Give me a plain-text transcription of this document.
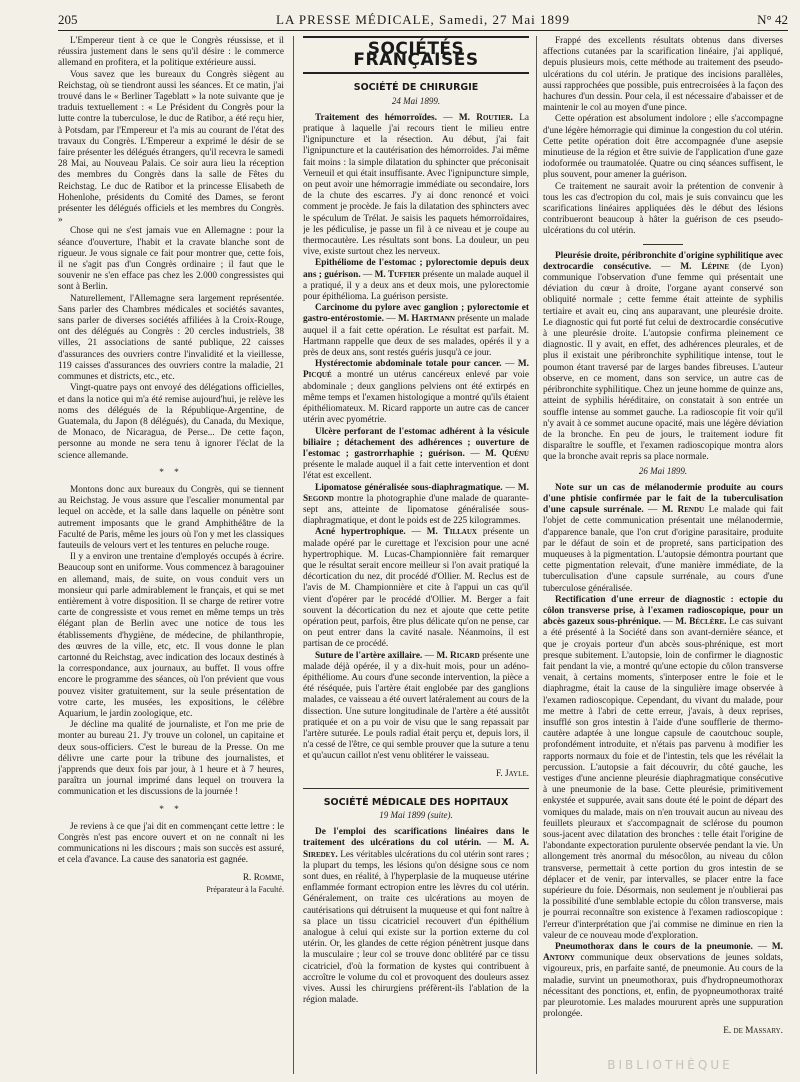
205	LA PRESSE MÉDICALE, Samedi, 27 Mai 1899	N° 42

L'Empereur tient à ce que le Congrès réussisse, et il réussira justement dans le sens qu'il désire : le commerce allemand en profitera, et la politique extérieure aussi.

Vous savez que les bureaux du Congrès siègent au Reichstag, où se tiendront aussi les séances. Et ce matin, j'ai trouvé dans le « Berliner Tageblatt » la note suivante que je traduis textuellement : « Le Président du Congrès pour la lutte contre la tuberculose, le duc de Ratibor, a été reçu hier, à Potsdam, par l'Empereur et l'a mis au courant de l'état des travaux du Congrès. L'Empereur a exprimé le désir de se faire présenter les délégués étrangers, qu'il recevra le samedi 28 Mai, au Nouveau Palais. Ce soir aura lieu la réception des membres du Congrès dans la salle de Fêtes du Reichstag. Le duc de Ratibor et la princesse Elisabeth de Hohenlohe, présidents du Comité des Dames, se feront présenter les délégués officiels et les membres du Congrès. »

Chose qui ne s'est jamais vue en Allemagne : pour la séance d'ouverture, l'habit et la cravate blanche sont de rigueur. Je vous signale ce fait pour montrer que, cette fois, il ne s'agit pas d'un Congrès ordinaire ; il faut que le souvenir ne s'en efface pas chez les 2.000 congressistes qui sont à Berlin.

Naturellement, l'Allemagne sera largement représentée. Sans parler des Chambres médicales et sociétés savantes, sans parler de diverses sociétés affiliées à la Croix-Rouge, ont des délégués au Congrès : 20 cercles industriels, 38 villes, 21 associations de santé publique, 22 caisses d'assurances des ouvriers contre l'invalidité et la vieillesse, 119 caisses d'assurances des ouvriers contre la maladie, 21 communes et districts, etc., etc.

Vingt-quatre pays ont envoyé des délégations officielles, et dans la notice qui m'a été remise aujourd'hui, je relève les noms des délégués de la République-Argentine, de Guatemala, du Japon (8 délégués), du Canada, du Mexique, de Monaco, de Nicaragua, de Perse... De cette façon, personne au monde ne sera tenu à ignorer l'éclat de la science allemande.

* *

Montons donc aux bureaux du Congrès, qui se tiennent au Reichstag. Je vous assure que l'escalier monumental par lequel on accède, et la salle dans laquelle on pénètre sont autrement imposants que le grand Amphithéâtre de la Faculté de Paris, même les jours où l'on y met les classiques fauteuils de velours vert et les tentures en peluche rouge.

Il y a environ une trentaine d'employés occupés à écrire. Beaucoup sont en uniforme. Vous commencez à baragouiner en allemand, mais, de suite, on vous conduit vers un monsieur qui parle admirablement le français, et qui se met entièrement à votre disposition. Il se charge de retirer votre carte de congressiste et vous remet en même temps un très élégant plan de Berlin avec une notice de tous les établissements d'hygiène, de médecine, de philanthropie, des œuvres de la ville, etc, etc. Il vous donne le plan cartonné du Reichstag, avec indication des locaux destinés à la correspondance, aux journaux, au buffet. Il vous offre encore le programme des séances, où l'on prévient que vous pouvez visiter gratuitement, sur la seule présentation de votre carte, les musées, les expositions, le célèbre Aquarium, le jardin zoologique, etc.

Je décline ma qualité de journaliste, et l'on me prie de monter au bureau 21. J'y trouve un colonel, un capitaine et deux sous-officiers. C'est le bureau de la Presse. On me délivre une carte pour la tribune des journalistes, et j'apprends que deux fois par jour, à 1 heure et à 7 heures, paraîtra un journal imprimé dans lequel on trouvera la communication et les discussions de la journée !

* *

Je reviens à ce que j'ai dit en commençant cette lettre : le Congrès n'est pas encore ouvert et on ne connaît ni les communications ni les discours ; mais son succès est assuré, et cela d'avance. La cause des sanatoria est gagnée.

R. Romme,
Préparateur à la Faculté.
SOCIÉTÉS FRANÇAISES
SOCIÉTÉ DE CHIRURGIE
24 Mai 1899.

Traitement des hémorroïdes. — M. Routier. La pratique à laquelle j'ai recours tient le milieu entre l'ignipuncture et la résection. Au début, j'ai fait l'ignipuncture et la cautérisation des hémorroïdes. J'ai même fait moins : la simple dilatation du sphincter que préconisait Verneuil et qui était insuffisante. Avec l'ignipuncture simple, on peut avoir une hémorragie immédiate ou secondaire, lors de la chute des escarres. J'y ai donc renoncé et voici comment je procède. Je fais la dilatation des sphincters avec le spéculum de Trélat. Je saisis les paquets hémorroïdaires, je les pédiculise, je passe un fil à ce niveau et je coupe au thermocautère. Les résultats sont bons. La douleur, un peu vive, existe surtout chez les nerveux.

Epithéliome de l'estomac ; pylorectomie depuis deux ans ; guérison. — M. Tuffier présente un malade auquel il a pratiqué, il y a deux ans et deux mois, une pylorectomie pour épithélioma. La guérison persiste.

Carcinome du pylore avec ganglion ; pylorectomie et gastro-entérostomie. — M. Hartmann présente un malade auquel il a fait cette opération. Le résultat est parfait. M. Hartmann rappelle que deux de ses malades, opérés il y a près de deux ans, sont restés guéris jusqu'à ce jour.

Hystérectomie abdominale totale pour cancer. — M. Picqué a montré un utérus cancéreux enlevé par voie abdominale ; deux ganglions pelviens ont été extirpés en même temps et l'examen histologique a montré qu'ils étaient épithéliomateux. M. Ricard rapporte un autre cas de cancer utérin avec pyométrie.

Ulcère perforant de l'estomac adhérent à la vésicule biliaire ; détachement des adhérences ; ouverture de l'estomac ; gastrorrhaphie ; guérison. — M. Quénu présente le malade auquel il a fait cette intervention et dont l'état est excellent.

Lipomatose généralisée sous-diaphragmatique. — M. Segond montre la photographie d'une malade de quarante-sept ans, atteinte de lipomatose généralisée sous-diaphragmatique, et dont le poids est de 225 kilogrammes.

Acné hypertrophique. — M. Tillaux présente un malade opéré par le curettage et l'excision pour une acné hypertrophique. M. Lucas-Championnière fait remarquer que le résultat serait encore meilleur si l'on avait pratiqué la décortication du nez, dit procédé d'Ollier. M. Reclus est de l'avis de M. Championnière et cite à l'appui un cas qu'il vient d'opérer par le procédé d'Ollier. M. Berger a fait souvent la décortication du nez et ajoute que cette petite opération peut, parfois, être plus délicate qu'on ne pense, car on peut entrer dans la cavité nasale. Néanmoins, il est partisan de ce procédé.

Suture de l'artère axillaire. — M. Ricard présente une malade déjà opérée, il y a dix-huit mois, pour un adéno-épithéliome. Au cours d'une seconde intervention, la pièce a été réséquée, puis l'artère était englobée par des ganglions malades, ce vaisseau a été ouvert latéralement au cours de la dissection. Une suture longitudinale de l'artère a été aussitôt pratiquée et on a pu voir de visu que le sang repassait par l'artère suturée. Le pouls radial était perçu et, depuis lors, il n'a cessé de l'être, ce qui semble prouver que la suture a tenu et qu'aucun caillot n'est venu oblitérer le vaisseau.

F. Jayle.
SOCIÉTÉ MÉDICALE DES HOPITAUX
19 Mai 1899 (suite).

De l'emploi des scarifications linéaires dans le traitement des ulcérations du col utérin. — M. A. Siredey. Les véritables ulcérations du col utérin sont rares ; la plupart du temps, les lésions qu'on désigne sous ce nom sont dues, en réalité, à l'hyperplasie de la muqueuse utérine enflammée formant ectropion entre les lèvres du col utérin. Généralement, on traite ces ulcérations au moyen de cautérisations qui détruisent la muqueuse et qui font naître à sa place un tissu cicatriciel recouvert d'un épithélium analogue à celui qui existe sur la portion externe du col utérin. Or, les glandes de cette région pénètrent jusque dans la musculaire ; leur col se trouve donc oblitéré par ce tissu cicatriciel, d'où la formation de kystes qui contribuent à accroître le volume du col et provoquent des douleurs assez vives. Aussi les chirurgiens préfèrent-ils l'ablation de la région malade.

Frappé des excellents résultats obtenus dans diverses affections cutanées par la scarification linéaire, j'ai appliqué, depuis plusieurs mois, cette méthode au traitement des pseudo-ulcérations du col utérin. Je pratique des incisions parallèles, aussi rapprochées que possible, puis entrecroisées à la façon des hachures d'un dessin. Pour cela, il est nécessaire d'abaisser et de maintenir le col au moyen d'une pince.

Cette opération est absolument indolore ; elle s'accompagne d'une légère hémorragie qui diminue la congestion du col utérin. Cette petite opération doit être accompagnée d'une asepsie minutieuse de la région et être suivie de l'application d'une gaze iodoformée ou traumatolée. Quatre ou cinq séances suffisent, le plus souvent, pour amener la guérison.

Ce traitement ne saurait avoir la prétention de convenir à tous les cas d'ectropion du col, mais je suis convaincu que les scarifications linéaires appliquées dès le début des lésions contribueront beaucoup à hâter la guérison de ces pseudo-ulcérations du col utérin.

Pleurésie droite, péribronchite d'origine syphilitique avec dextrocardie consécutive. — M. Lépine (de Lyon) communique l'observation d'une femme qui présentait une déviation du cœur à droite, l'organe ayant conservé son obliquité normale ; cette femme était atteinte de syphilis tertiaire et avait eu, cinq ans auparavant, une pleurésie droite. Le diagnostic qui fut porté fut celui de dextrocardie consécutive à une pleurésie droite. L'autopsie confirma pleinement ce diagnostic. Il y avait, en effet, des adhérences pleurales, et de plus il existait une péribronchite syphilitique intense, tout le poumon étant traversé par de larges bandes fibreuses. L'auteur observe, en ce moment, dans son service, un autre cas de péribronchite syphilitique. Chez un jeune homme de quinze ans, atteint de syphilis héréditaire, on constatait à son entrée un souffle intense au sommet gauche. La radioscopie fit voir qu'il n'y avait à ce sommet aucune opacité, mais une légère déviation de la bronche. En peu de jours, le traitement iodure fit disparaître le souffle, et l'examen radioscopique montra alors que la bronche avait repris sa place normale.

26 Mai 1899.

Note sur un cas de mélanodermie produite au cours d'une phtisie confirmée par le fait de la tuberculisation d'une capsule surrénale. — M. Rendu Le malade qui fait l'objet de cette communication présentait une mélanodermie, d'apparence banale, que l'on crut d'origine parasitaire, produite par le défaut de soin et de propreté, sans participation des muqueuses à la pigmentation. L'autopsie démontra pourtant que cette pigmentation relevait, d'une manière immédiate, de la tuberculisation d'une capsule surrénale, au cours d'une tuberculose généralisée.

Rectification d'une erreur de diagnostic : ectopie du côlon transverse prise, à l'examen radioscopique, pour un abcès gazeux sous-phrénique. — M. Béclère. Le cas suivant a été présenté à la Société dans son avant-dernière séance, et que je croyais porteur d'un abcès sous-phrénique, est mort presque subitement. L'autopsie, loin de confirmer le diagnostic fait pendant la vie, a montré qu'une ectopie du côlon transverse venait, à certains moments, s'interposer entre le foie et le diaphragme, était la cause de la singulière image observée à l'examen radioscopique. Cependant, du vivant du malade, pour me mettre à l'abri de cette erreur, j'avais, à deux reprises, insufflé son gros intestin à l'aide d'une soufflerie de thermo-cautère adaptée à une longue capsule de caoutchouc souple, profondément introduite, et n'étais pas parvenu à modifier les rapports normaux du foie et de l'intestin, tels que les révélait la percussion. L'autopsie a fait découvrir, du côté gauche, les vestiges d'une ancienne pleurésie diaphragmatique consécutive à une pneumonie de la base. Cette pleurésie, primitivement enkystée et suppurée, avait sans doute été le point de départ des vomiques du malade, mais on n'en trouvait aucun au niveau des feuillets pleuraux et s'accompagnait de sclérose du poumon sous-jacent avec dilatation des bronches : telle était l'origine de l'abondante expectoration purulente observée pendant la vie. Un allongement très anormal du mésocôlon, au niveau du côlon transverse, permettait à cette portion du gros intestin de se déplacer et de venir, par intervalles, se placer entre la face supérieure du foie. Désormais, non seulement je n'oublierai pas la possibilité d'une semblable ectopie du côlon transverse, mais je pourrai reconnaître son existence à l'examen radioscopique : l'erreur d'interprétation que j'ai commise ne diminue en rien la valeur de ce nouveau mode d'exploration.

Pneumothorax dans le cours de la pneumonie. — M. Antony communique deux observations de jeunes soldats, vigoureux, pris, en parfaite santé, de pneumonie. Au cours de la maladie, survint un pneumothorax, puis d'hydropneumothorax nécessitant des ponctions, et, enfin, de pyopneumothorax traité par pleurotomie. Les malades moururent après une suppuration prolongée.

E. de Massary.
BIBLIOTHÈQUE
